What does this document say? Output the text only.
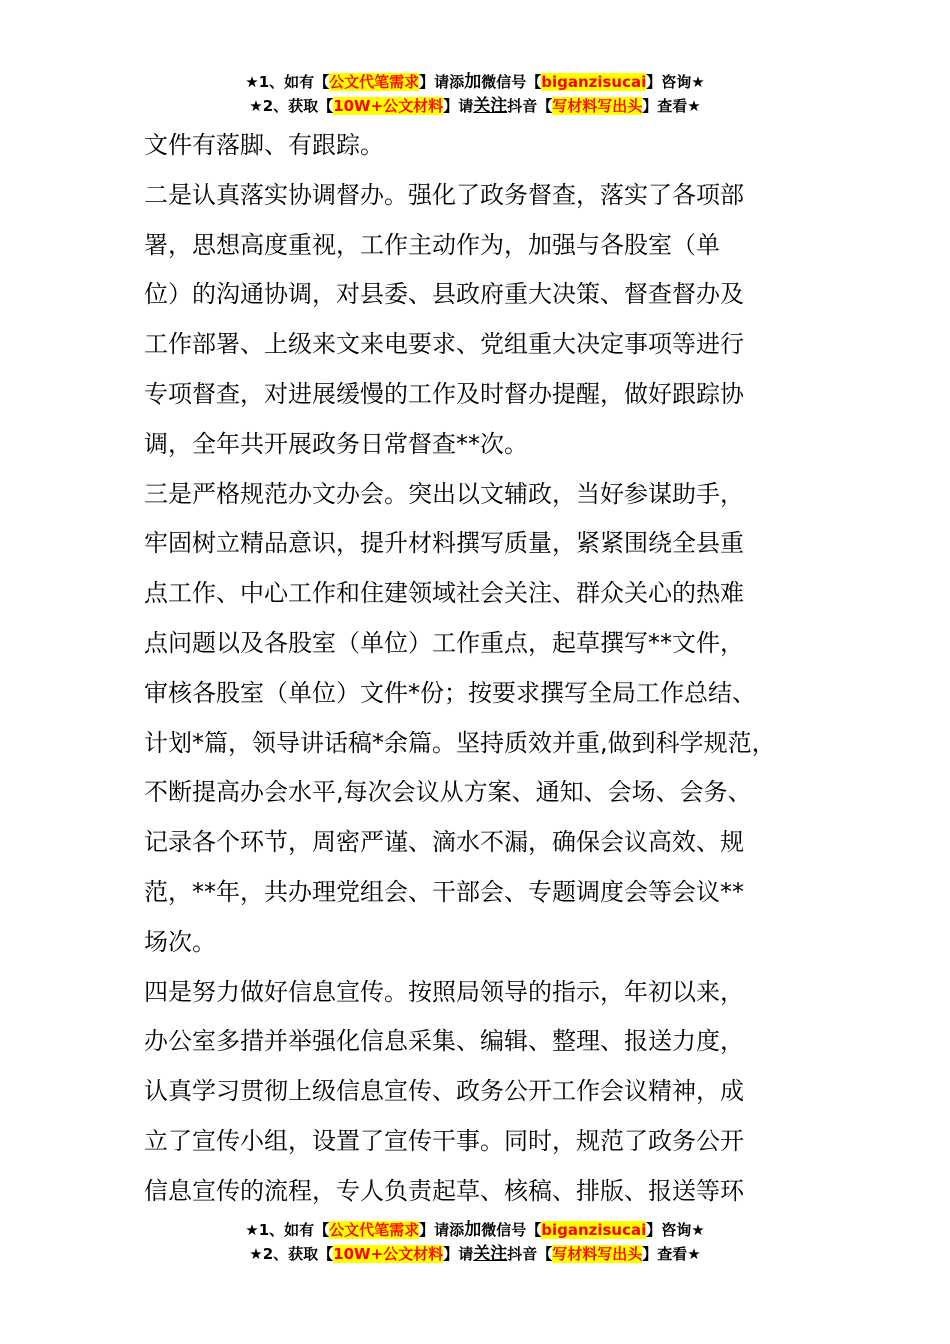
★1、如有【公文代笔需求】请添加微信号【biganzisucai】咨询★
★2、获取【10W+公文材料】请关注抖音【写材料写出头】查看★

文件有落脚、有跟踪。

二是认真落实协调督办。强化了政务督查，落实了各项部

署，思想高度重视，工作主动作为，加强与各股室（单

位）的沟通协调，对县委、县政府重大决策、督查督办及

工作部署、上级来文来电要求、党组重大决定事项等进行

专项督查，对进展缓慢的工作及时督办提醒，做好跟踪协

调，全年共开展政务日常督查**次。

三是严格规范办文办会。突出以文辅政，当好参谋助手，

牢固树立精品意识，提升材料撰写质量，紧紧围绕全县重

点工作、中心工作和住建领域社会关注、群众关心的热难

点问题以及各股室（单位）工作重点，起草撰写**文件，

审核各股室（单位）文件*份；按要求撰写全局工作总结、

计划*篇，领导讲话稿*余篇。坚持质效并重,做到科学规范，

不断提高办会水平,每次会议从方案、通知、会场、会务、

记录各个环节，周密严谨、滴水不漏，确保会议高效、规

范，**年，共办理党组会、干部会、专题调度会等会议**

场次。

四是努力做好信息宣传。按照局领导的指示，年初以来，

办公室多措并举强化信息采集、编辑、整理、报送力度，

认真学习贯彻上级信息宣传、政务公开工作会议精神，成

立了宣传小组，设置了宣传干事。同时，规范了政务公开

信息宣传的流程，专人负责起草、核稿、排版、报送等环

★1、如有【公文代笔需求】请添加微信号【biganzisucai】咨询★
★2、获取【10W+公文材料】请关注抖音【写材料写出头】查看★
